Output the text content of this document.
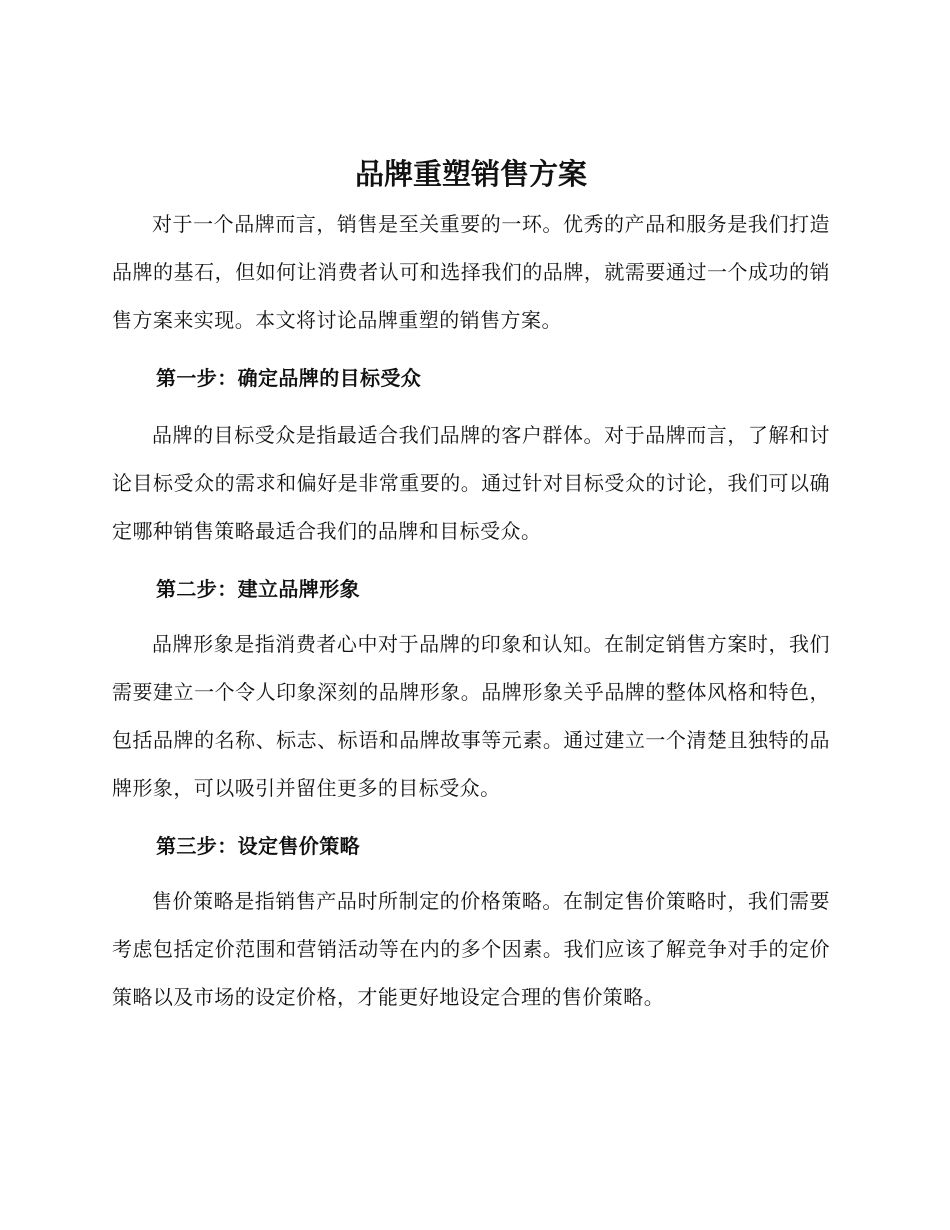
品牌重塑销售方案

对于一个品牌而言，销售是至关重要的一环。优秀的产品和服务是我们打造品牌的基石，但如何让消费者认可和选择我们的品牌，就需要通过一个成功的销售方案来实现。本文将讨论品牌重塑的销售方案。

第一步：确定品牌的目标受众

品牌的目标受众是指最适合我们品牌的客户群体。对于品牌而言，了解和讨论目标受众的需求和偏好是非常重要的。通过针对目标受众的讨论，我们可以确定哪种销售策略最适合我们的品牌和目标受众。

第二步：建立品牌形象

品牌形象是指消费者心中对于品牌的印象和认知。在制定销售方案时，我们需要建立一个令人印象深刻的品牌形象。品牌形象关乎品牌的整体风格和特色，包括品牌的名称、标志、标语和品牌故事等元素。通过建立一个清楚且独特的品牌形象，可以吸引并留住更多的目标受众。

第三步：设定售价策略

售价策略是指销售产品时所制定的价格策略。在制定售价策略时，我们需要考虑包括定价范围和营销活动等在内的多个因素。我们应该了解竞争对手的定价策略以及市场的设定价格，才能更好地设定合理的售价策略。
